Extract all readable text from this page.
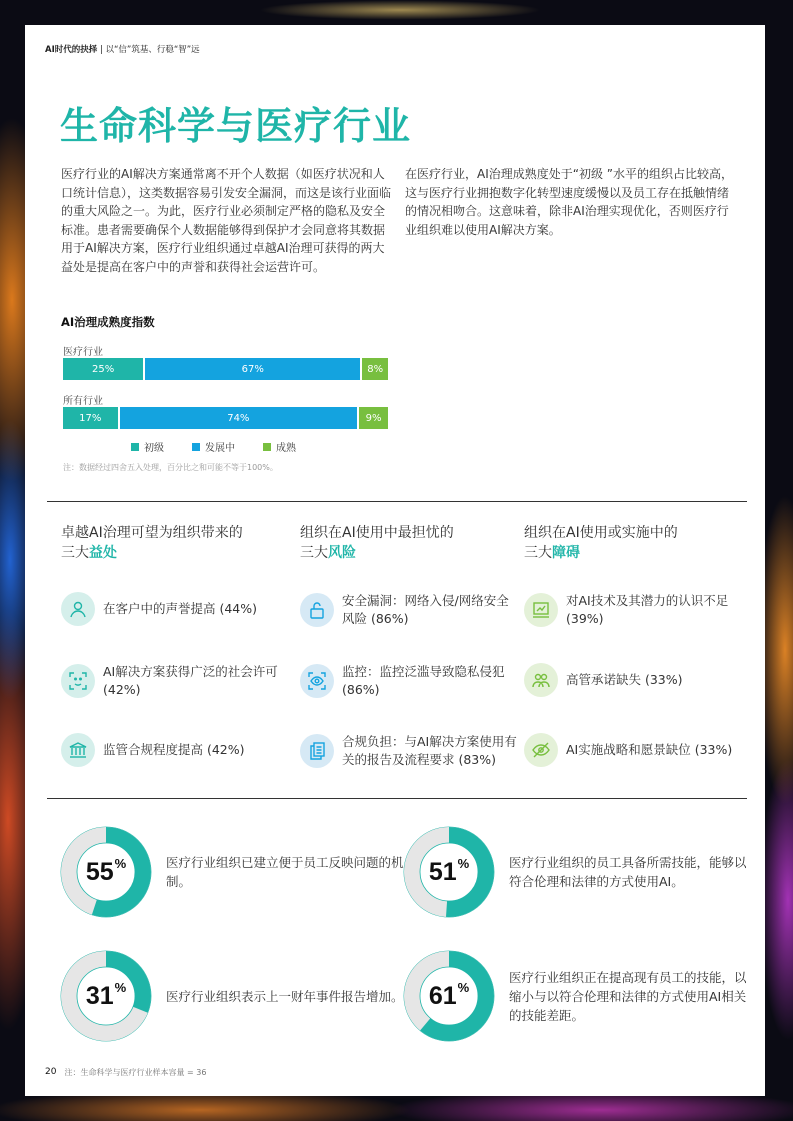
AI时代的抉择 | 以“信”筑基、行稳“智”远
生命科学与医疗行业

医疗行业的AI解决方案通常离不开个人数据（如医疗状况和人口统计信息），这类数据容易引发安全漏洞，而这是该行业面临的重大风险之一。为此，医疗行业必须制定严格的隐私及安全标准。患者需要确保个人数据能够得到保护才会同意将其数据用于AI解决方案，医疗行业组织通过卓越AI治理可获得的两大益处是提高在客户中的声誉和获得社会运营许可。

在医疗行业，AI治理成熟度处于“初级 ”水平的组织占比较高，这与医疗行业拥抱数字化转型速度缓慢以及员工存在抵触情绪的情况相吻合。这意味着，除非AI治理实现优化，否则医疗行业组织难以使用AI解决方案。

AI治理成熟度指数
医疗行业
25%	67%	8%
所有行业
17%	74%	9%
初级	发展中	成熟
注：数据经过四舍五入处理，百分比之和可能不等于100%。

卓越AI治理可望为组织带来的
三大益处

在客户中的声誉提高 (44%)
AI解决方案获得广泛的社会许可 (42%)
监管合规程度提高 (42%)

组织在AI使用中最担忧的
三大风险

安全漏洞：网络入侵/网络安全风险 (86%)
监控：监控泛滥导致隐私侵犯 (86%)
合规负担：与AI解决方案使用有关的报告及流程要求 (83%)

组织在AI使用或实施中的
三大障碍

对AI技术及其潜力的认识不足 (39%)
高管承诺缺失 (33%)
AI实施战略和愿景缺位 (33%)
55%	医疗行业组织已建立便于员工反映问题的机制。	51%	医疗行业组织的员工具备所需技能，能够以符合伦理和法律的方式使用AI。
31%
医疗行业组织表示上一财年事件报告增加。 61%
医疗行业组织正在提高现有员工的技能，以缩小与以符合伦理和法律的方式使用AI相关的技能差距。
20 注：生命科学与医疗行业样本容量 = 36
